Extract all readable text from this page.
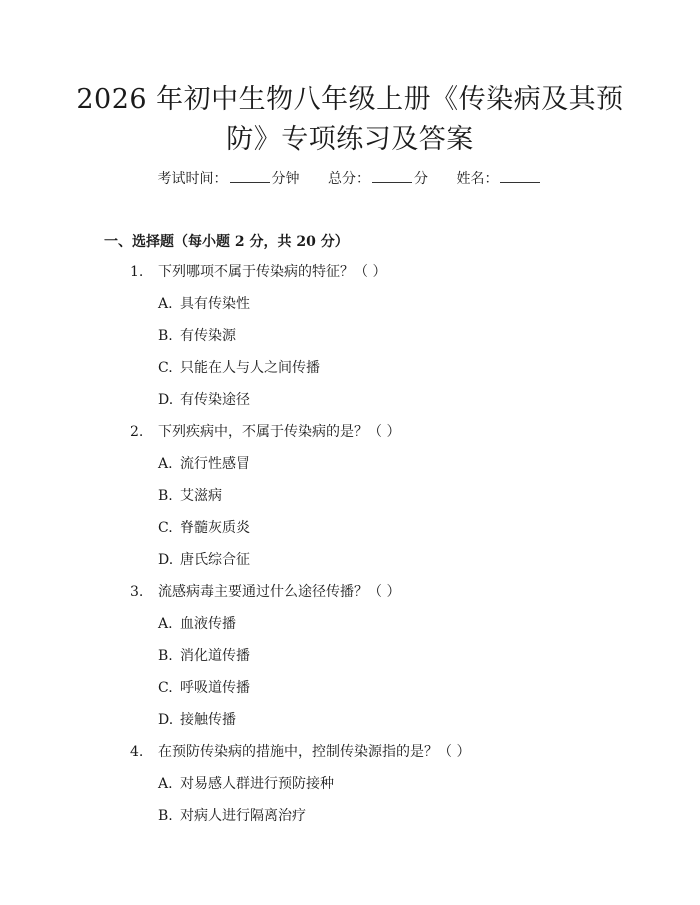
2026 年初中生物八年级上册《传染病及其预
防》专项练习及答案
考试时间：	分钟 总分：	分 姓名：
一、选择题（每小题 2 分，共 20 分）
1. 下列哪项不属于传染病的特征？（ ）
A. 具有传染性
B. 有传染源
C. 只能在人与人之间传播
D. 有传染途径
2. 下列疾病中，不属于传染病的是？（ ）
A. 流行性感冒
B. 艾滋病
C. 脊髓灰质炎
D. 唐氏综合征
3. 流感病毒主要通过什么途径传播？（ ）
A. 血液传播
B. 消化道传播
C. 呼吸道传播
D. 接触传播
4. 在预防传染病的措施中，控制传染源指的是？（ ）
A. 对易感人群进行预防接种
B. 对病人进行隔离治疗
